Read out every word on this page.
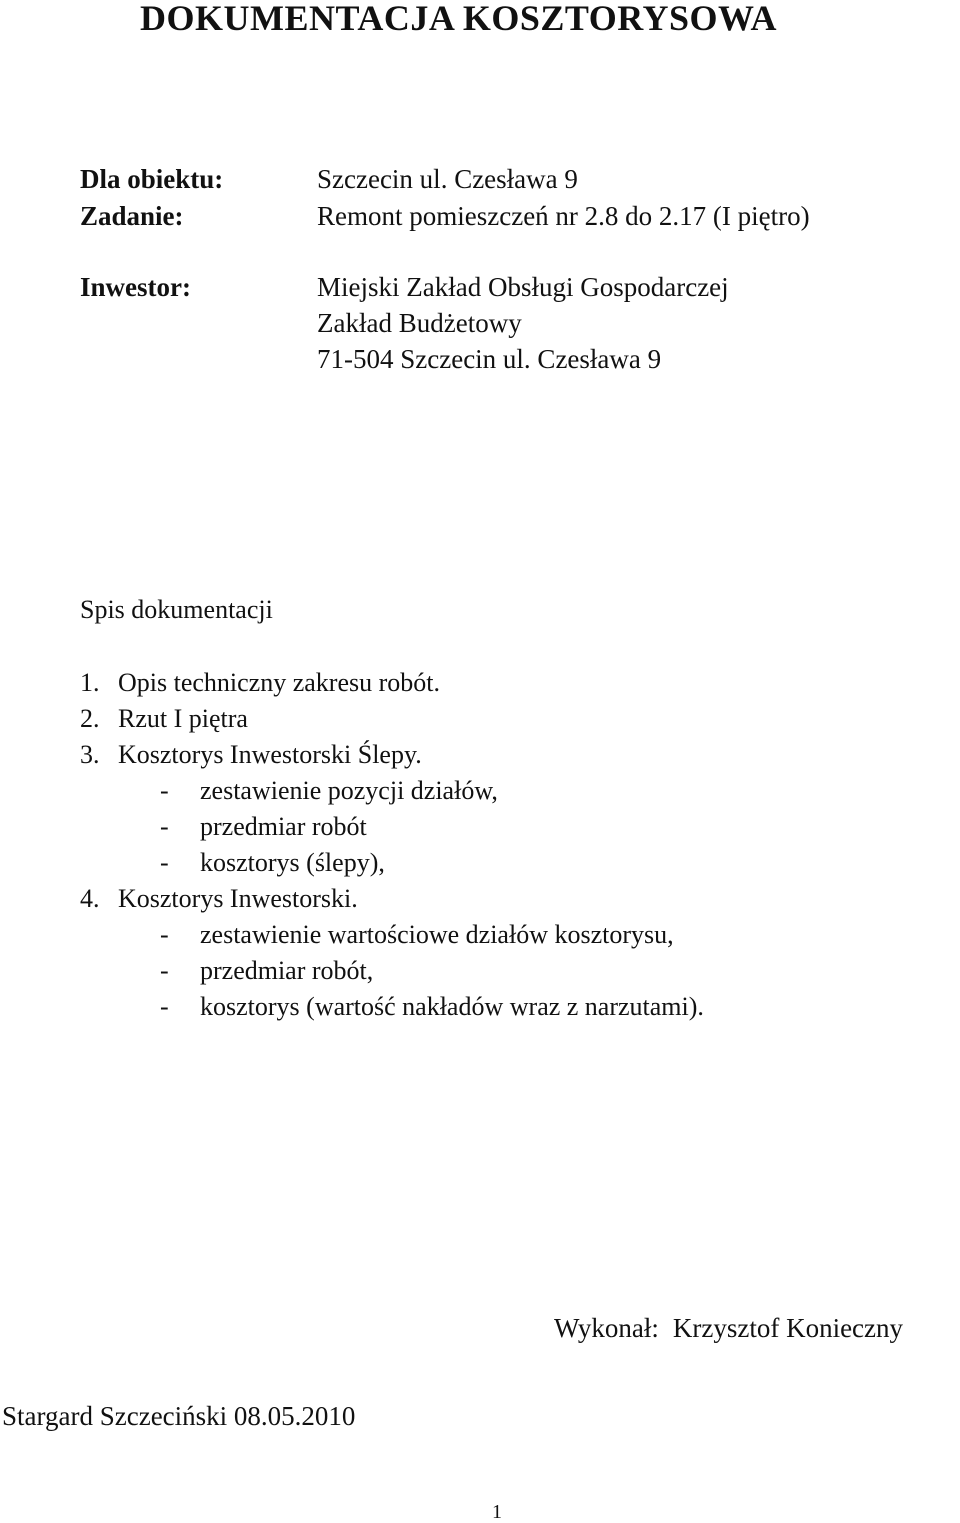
DOKUMENTACJA KOSZTORYSOWA
Dla obiektu:	Szczecin ul. Czesława 9
Zadanie:	Remont pomieszczeń nr 2.8 do 2.17 (I piętro)
Inwestor:	Miejski Zakład Obsługi Gospodarczej
Zakład Budżetowy
71-504 Szczecin ul. Czesława 9
Spis dokumentacji
1. Opis techniczny zakresu robót.
2. Rzut I piętra
3. Kosztorys Inwestorski Ślepy.
- zestawienie pozycji działów,
- przedmiar robót
- kosztorys (ślepy),
4. Kosztorys Inwestorski.
- zestawienie wartościowe działów kosztorysu,
- przedmiar robót,
- kosztorys (wartość nakładów wraz z narzutami).
Wykonał: Krzysztof Konieczny
Stargard Szczeciński 08.05.2010
1
